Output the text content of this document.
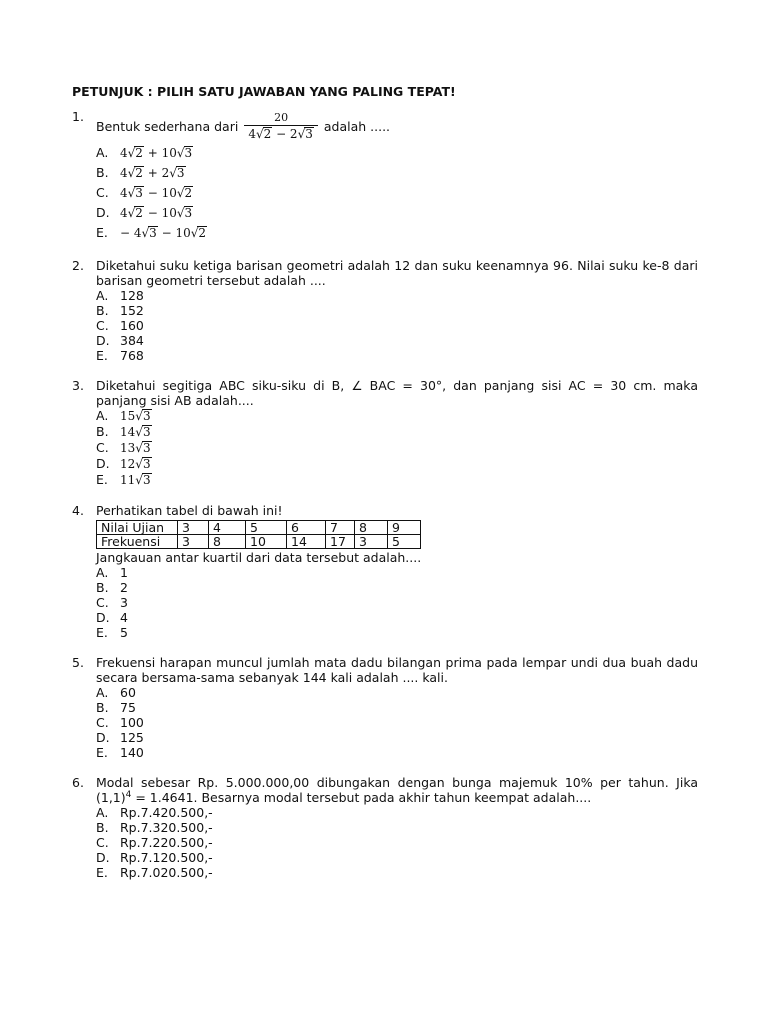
PETUNJUK : PILIH SATU JAWABAN YANG PALING TEPAT!
1.
Bentuk sederhana dari $\frac{20}{4√2 - 2√3}$ adalah .....
A. 4√2 + 10√3
B. 4√2 + 2√3
C. 4√3 − 10√2
D. 4√2 − 10√3
E.	− 4√3 − 10√2
2. Diketahui suku ketiga barisan geometri adalah 12 dan suku keenamnya 96. Nilai suku ke-8 dari barisan geometri tersebut adalah ....
A. 128
B. 152
C. 160
D. 384
E. 768
3. Diketahui segitiga ABC siku-siku di B, ∠ BAC = 30°, dan panjang sisi AC = 30 cm. maka panjang sisi AB adalah....
A. 15√3
B. 14√3
C. 13√3
D. 12√3
E.	11√3
4. Perhatikan tabel di bawah ini!
Nilai Ujian	3	4	5	6	7	8	9
Frekuensi	3	8	10	14	17	3	5
Jangkauan antar kuartil dari data tersebut adalah....
A. 1
B. 2
C. 3
D. 4
E. 5
5. Frekuensi harapan muncul jumlah mata dadu bilangan prima pada lempar undi dua buah dadu secara bersama-sama sebanyak 144 kali adalah .... kali.
A. 60
B. 75
C. 100
D. 125
E. 140
6. Modal sebesar Rp. 5.000.000,00 dibungakan dengan bunga majemuk 10% per tahun. Jika $(1,1)^4 = 1.4641$. Besarnya modal tersebut pada akhir tahun keempat adalah....
A. Rp.7.420.500,-
B. Rp.7.320.500,-
C. Rp.7.220.500,-
D. Rp.7.120.500,-
E. Rp.7.020.500,-
